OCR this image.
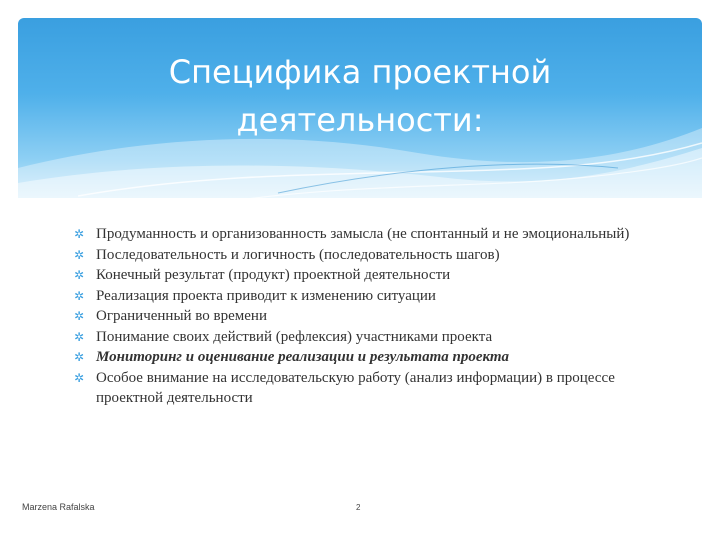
Специфика проектной
деятельности:
✲ Продуманность и организованность замысла (не спонтанный и не эмоциональный)
✲ Последовательность и логичность (последовательность шагов)
✲ Конечный результат (продукт) проектной деятельности
✲ Реализация проекта приводит к изменению ситуации
✲ Ограниченный во времени
✲ Понимание своих действий (рефлексия) участниками проекта
✲ Мониторинг и оценивание реализации и результата проекта
✲ Особое внимание на исследовательскую работу (анализ информации) в процессе проектной деятельности
Marzena Rafalska	2
